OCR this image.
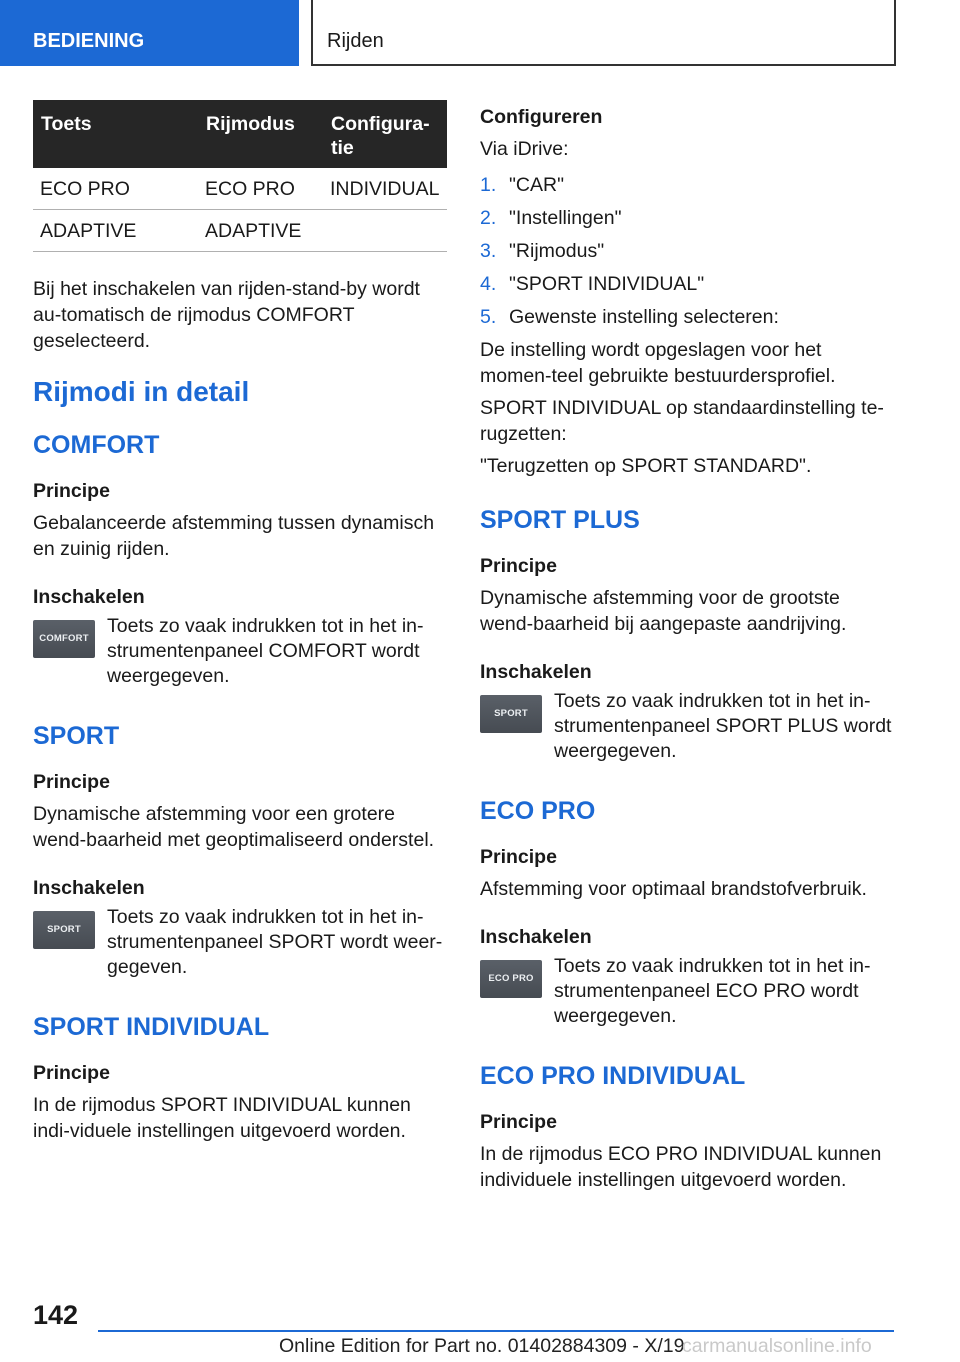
BEDIENING	Rijden
Toets	Rijmodus	Configura-
tie
ECO PRO	ECO PRO	INDIVIDUAL
ADAPTIVE	ADAPTIVE	

Bij het inschakelen van rijden-stand-by wordt au-tomatisch de rijmodus COMFORT geselecteerd.

Rijmodi in detail
COMFORT
Principe

Gebalanceerde afstemming tussen dynamisch en zuinig rijden.

Inschakelen
COMFORT

Toets zo vaak indrukken tot in het in-strumentenpaneel COMFORT wordt weergegeven.

SPORT
Principe

Dynamische afstemming voor een grotere wend-baarheid met geoptimaliseerd onderstel.

Inschakelen
SPORT

Toets zo vaak indrukken tot in het in-strumentenpaneel SPORT wordt weer-gegeven.

SPORT INDIVIDUAL
Principe

In de rijmodus SPORT INDIVIDUAL kunnen indi-viduele instellingen uitgevoerd worden.

Configureren

Via iDrive:

1. "CAR"
2. "Instellingen"
3. "Rijmodus"
4. "SPORT INDIVIDUAL"
5. Gewenste instelling selecteren:

De instelling wordt opgeslagen voor het momen-teel gebruikte bestuurdersprofiel.

SPORT INDIVIDUAL op standaardinstelling te-rugzetten:

"Terugzetten op SPORT STANDARD".

SPORT PLUS
Principe

Dynamische afstemming voor de grootste wend-baarheid bij aangepaste aandrijving.

Inschakelen
SPORT

Toets zo vaak indrukken tot in het in-strumentenpaneel SPORT PLUS wordt weergegeven.

ECO PRO
Principe

Afstemming voor optimaal brandstofverbruik.

Inschakelen
ECO PRO

Toets zo vaak indrukken tot in het in-strumentenpaneel ECO PRO wordt weergegeven.

ECO PRO INDIVIDUAL
Principe

In de rijmodus ECO PRO INDIVIDUAL kunnen individuele instellingen uitgevoerd worden.

142
Online Edition for Part no. 01402884309 - X/19
carmanualsonline.info
